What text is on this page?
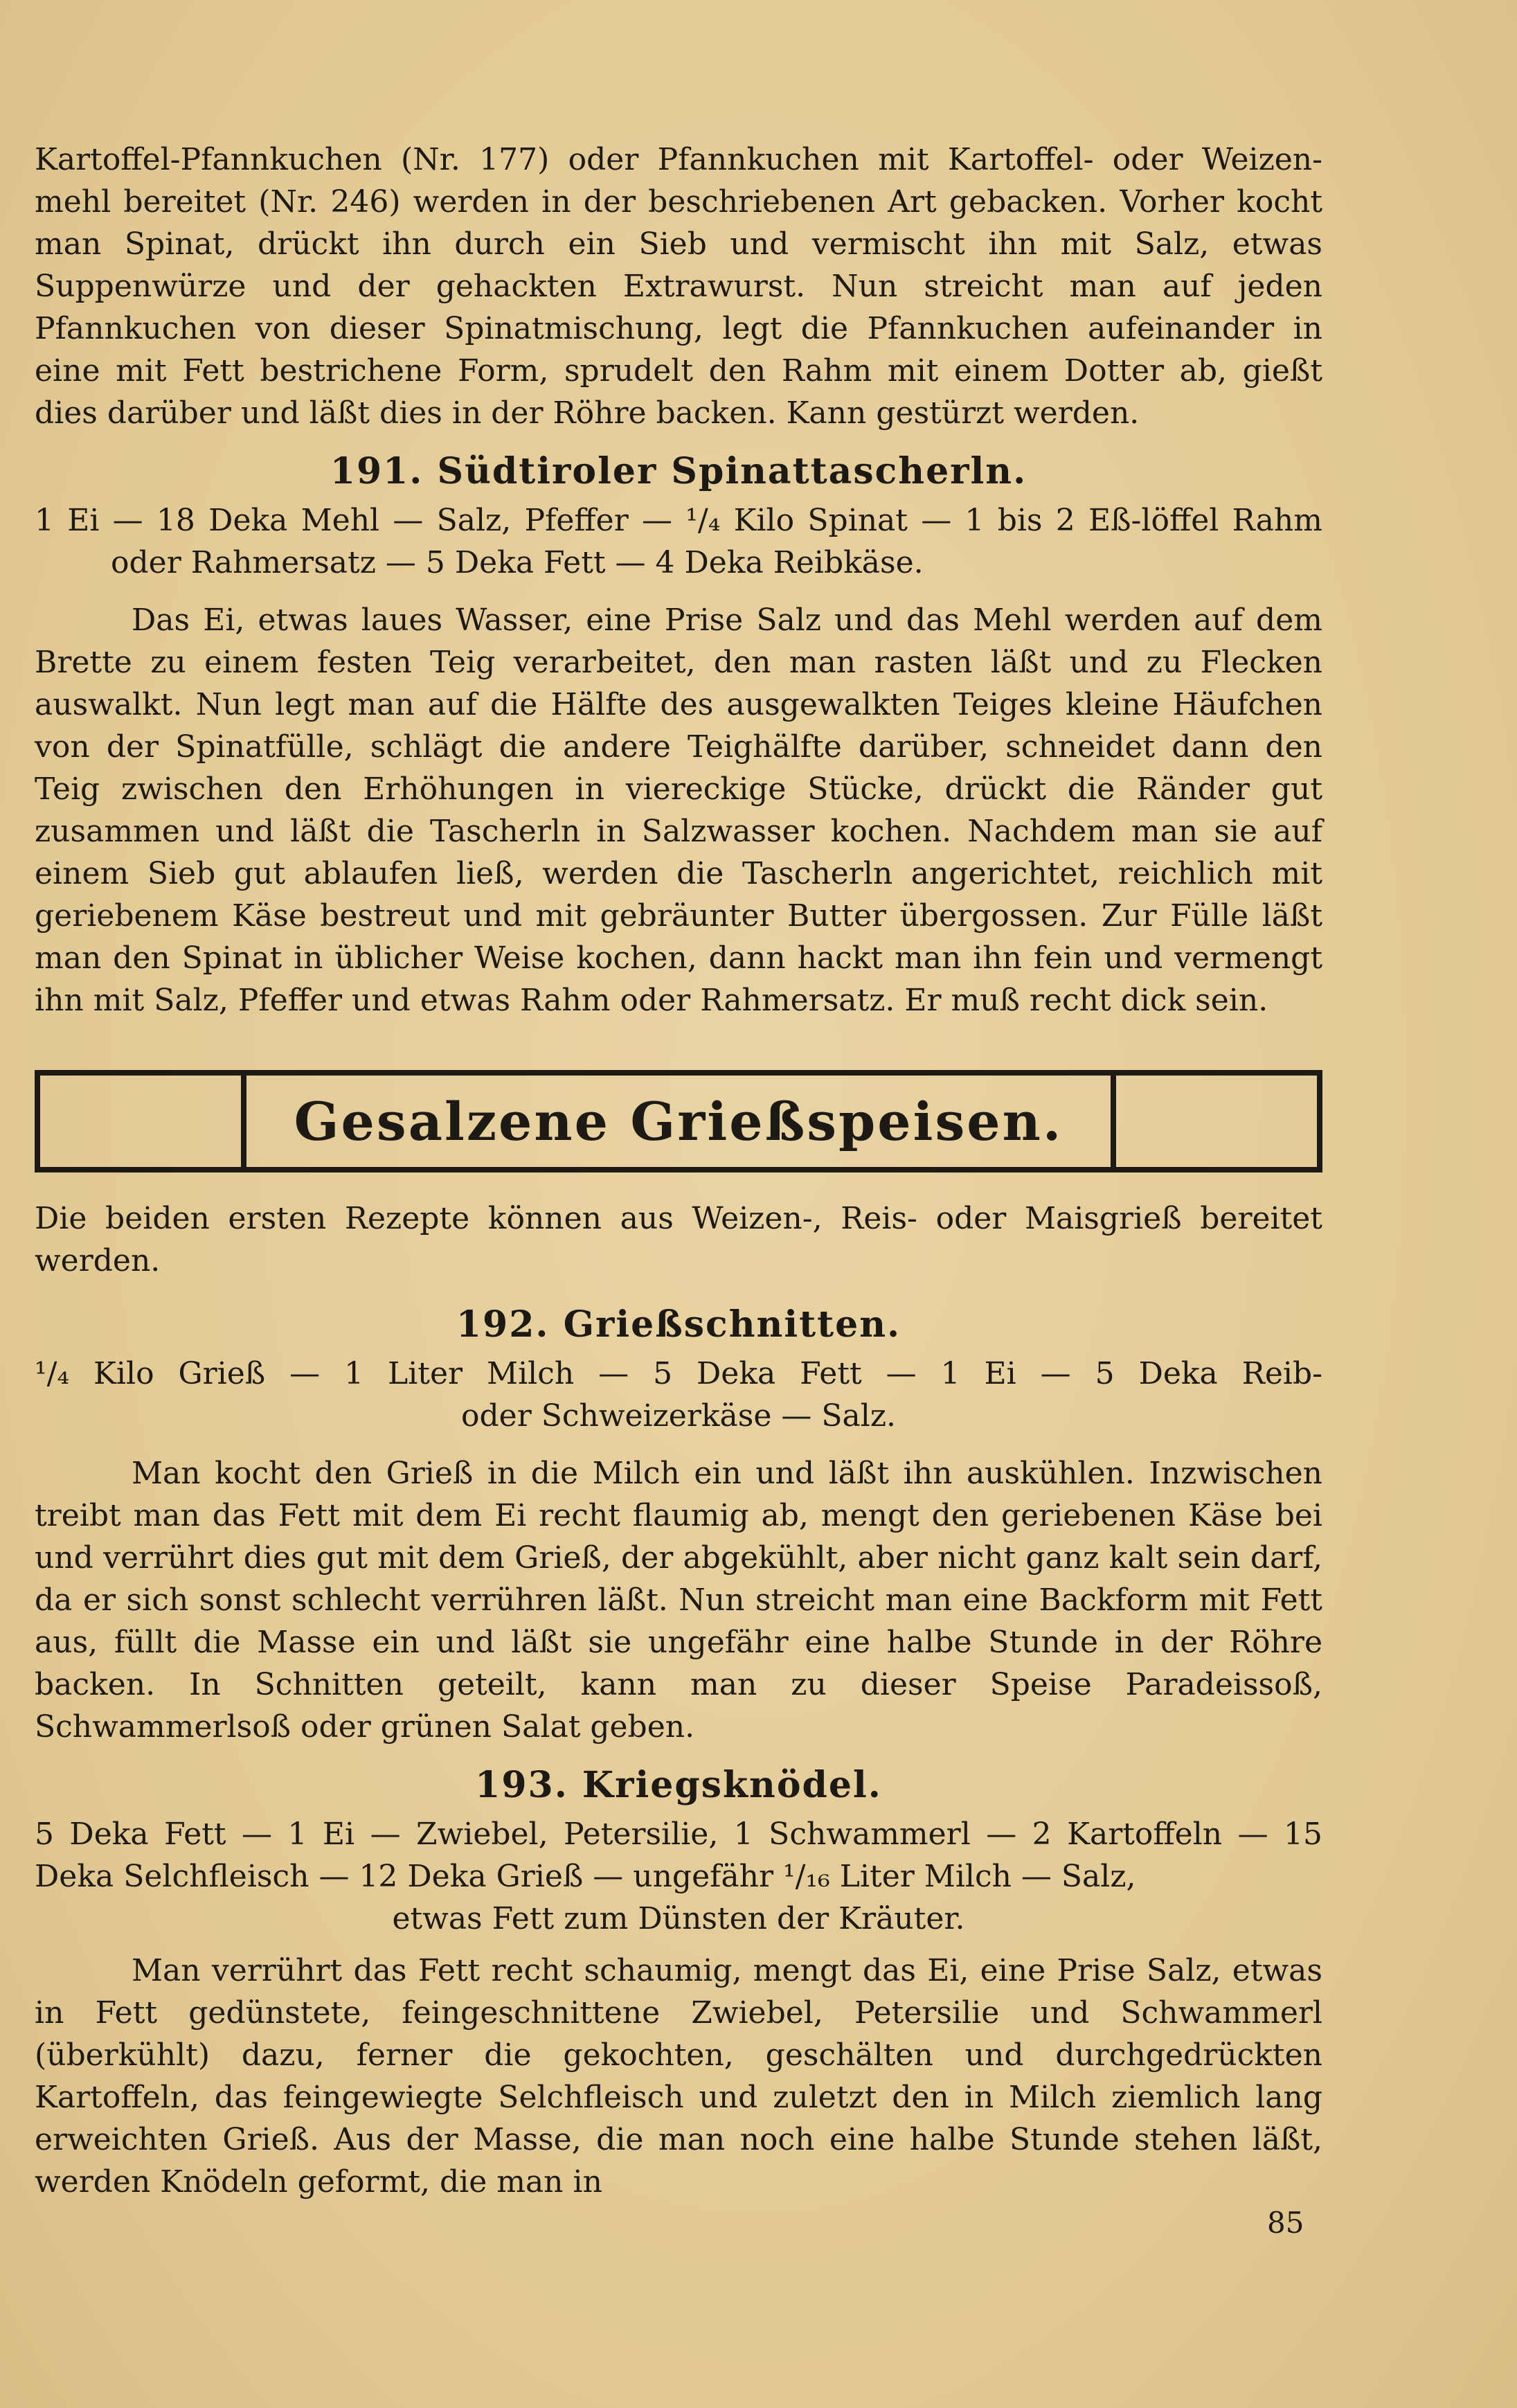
Kartoffel-Pfannkuchen (Nr. 177) oder Pfannkuchen mit Kartoffel- oder Weizen-mehl bereitet (Nr. 246) werden in der beschriebenen Art gebacken. Vorher kocht man Spinat, drückt ihn durch ein Sieb und vermischt ihn mit Salz, etwas Suppenwürze und der gehackten Extrawurst. Nun streicht man auf jeden Pfannkuchen von dieser Spinatmischung, legt die Pfannkuchen aufeinander in eine mit Fett bestrichene Form, sprudelt den Rahm mit einem Dotter ab, gießt dies darüber und läßt dies in der Röhre backen. Kann gestürzt werden.

191. Südtiroler Spinattascherln.

1 Ei — 18 Deka Mehl — Salz, Pfeffer — ¹/₄ Kilo Spinat — 1 bis 2 Eß-löffel Rahm oder Rahmersatz — 5 Deka Fett — 4 Deka Reibkäse.

Das Ei, etwas laues Wasser, eine Prise Salz und das Mehl werden auf dem Brette zu einem festen Teig verarbeitet, den man rasten läßt und zu Flecken auswalkt. Nun legt man auf die Hälfte des ausgewalkten Teiges kleine Häufchen von der Spinatfülle, schlägt die andere Teighälfte darüber, schneidet dann den Teig zwischen den Erhöhungen in viereckige Stücke, drückt die Ränder gut zusammen und läßt die Tascherln in Salzwasser kochen. Nachdem man sie auf einem Sieb gut ablaufen ließ, werden die Tascherln angerichtet, reichlich mit geriebenem Käse bestreut und mit gebräunter Butter übergossen. Zur Fülle läßt man den Spinat in üblicher Weise kochen, dann hackt man ihn fein und vermengt ihn mit Salz, Pfeffer und etwas Rahm oder Rahmersatz. Er muß recht dick sein.

Gesalzene Grießspeisen.

Die beiden ersten Rezepte können aus Weizen-, Reis- oder Maisgrieß bereitet werden.

192. Grießschnitten.

¹/₄ Kilo Grieß — 1 Liter Milch — 5 Deka Fett — 1 Ei — 5 Deka Reib-

oder Schweizerkäse — Salz.

Man kocht den Grieß in die Milch ein und läßt ihn auskühlen. Inzwischen treibt man das Fett mit dem Ei recht flaumig ab, mengt den geriebenen Käse bei und verrührt dies gut mit dem Grieß, der abgekühlt, aber nicht ganz kalt sein darf, da er sich sonst schlecht verrühren läßt. Nun streicht man eine Backform mit Fett aus, füllt die Masse ein und läßt sie ungefähr eine halbe Stunde in der Röhre backen. In Schnitten geteilt, kann man zu dieser Speise Paradeissoß, Schwammerlsoß oder grünen Salat geben.

193. Kriegsknödel.

5 Deka Fett — 1 Ei — Zwiebel, Petersilie, 1 Schwammerl — 2 Kartoffeln — 15 Deka Selchfleisch — 12 Deka Grieß — ungefähr ¹/₁₆ Liter Milch — Salz,

etwas Fett zum Dünsten der Kräuter.

Man verrührt das Fett recht schaumig, mengt das Ei, eine Prise Salz, etwas in Fett gedünstete, feingeschnittene Zwiebel, Petersilie und Schwammerl (überkühlt) dazu, ferner die gekochten, geschälten und durchgedrückten Kartoffeln, das feingewiegte Selchfleisch und zuletzt den in Milch ziemlich lang erweichten Grieß. Aus der Masse, die man noch eine halbe Stunde stehen läßt, werden Knödeln geformt, die man in

85
